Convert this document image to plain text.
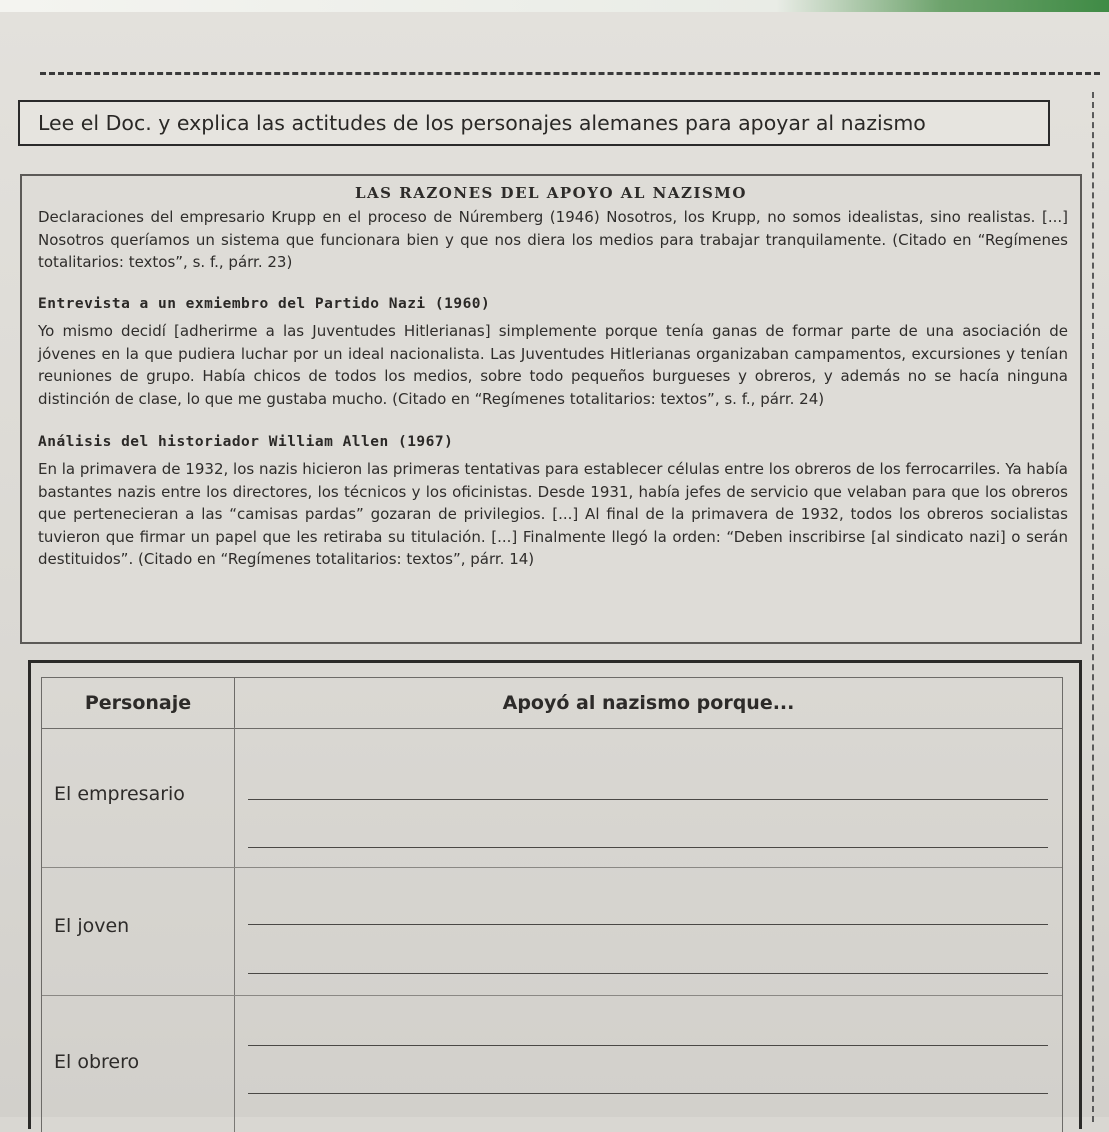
Lee el Doc. y explica las actitudes de los personajes alemanes para apoyar al nazismo
LAS RAZONES DEL APOYO AL NAZISMO

Declaraciones del empresario Krupp en el proceso de Núremberg (1946) Nosotros, los Krupp, no somos idealistas, sino realistas. [...] Nosotros queríamos un sistema que funcionara bien y que nos diera los medios para trabajar tranquilamente. (Citado en “Regímenes totalitarios: textos”, s. f., párr. 23)

Entrevista a un exmiembro del Partido Nazi (1960)

Yo mismo decidí [adherirme a las Juventudes Hitlerianas] simplemente porque tenía ganas de formar parte de una asociación de jóvenes en la que pudiera luchar por un ideal nacionalista. Las Juventudes Hitlerianas organizaban campamentos, excursiones y tenían reuniones de grupo. Había chicos de todos los medios, sobre todo pequeños burgueses y obreros, y además no se hacía ninguna distinción de clase, lo que me gustaba mucho. (Citado en “Regímenes totalitarios: textos”, s. f., párr. 24)

Análisis del historiador William Allen (1967)

En la primavera de 1932, los nazis hicieron las primeras tentativas para establecer células entre los obreros de los ferrocarriles. Ya había bastantes nazis entre los directores, los técnicos y los oficinistas. Desde 1931, había jefes de servicio que velaban para que los obreros que pertenecieran a las “camisas pardas” gozaran de privilegios. [...] Al final de la primavera de 1932, todos los obreros socialistas tuvieron que firmar un papel que les retiraba su titulación. [...] Finalmente llegó la orden: “Deben inscribirse [al sindicato nazi] o serán destituidos”. (Citado en “Regímenes totalitarios: textos”, párr. 14)

Personaje	Apoyó al nazismo porque...
El empresario
El joven
El obrero
